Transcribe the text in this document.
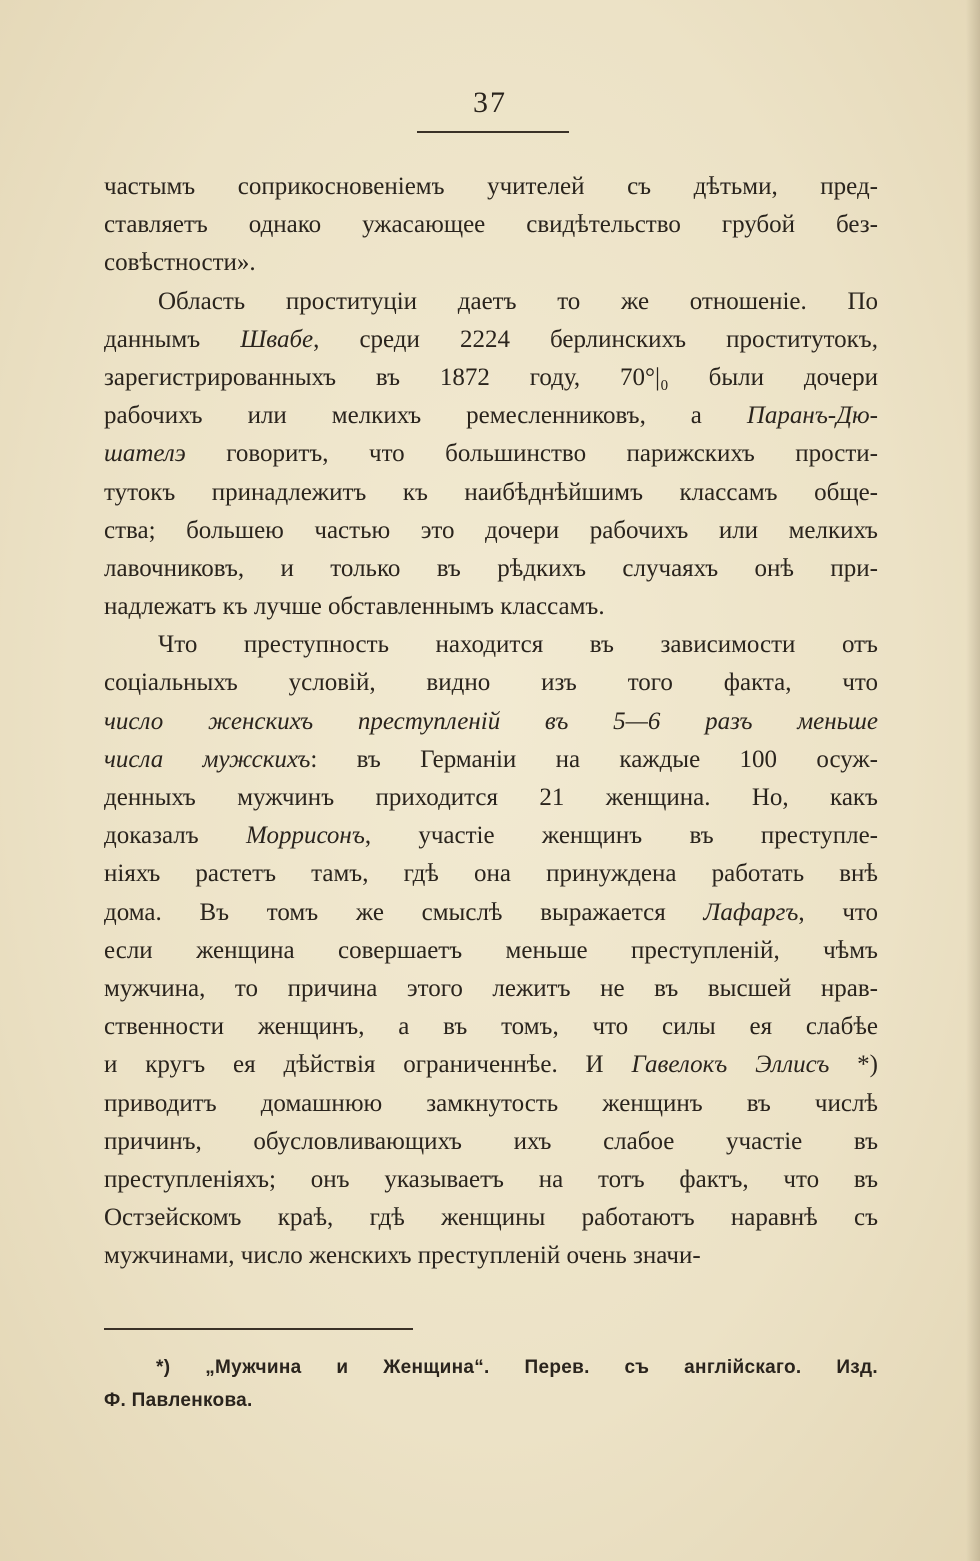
37
частымъ соприкосновенiемъ учителей съ дѣтьми, пред-
ставляетъ однако ужасающее свидѣтельство грубой без-
совѣстности».
Область проституцiи даетъ то же отношенiе. По
даннымъ Швабе, среди 2224 берлинскихъ проститутокъ,
зарегистрированныхъ въ 1872 году, 70°|₀ были дочери
рабочихъ или мелкихъ ремесленниковъ, а Паранъ-Дю-
шателэ говоритъ, что большинство парижскихъ прости-
тутокъ принадлежитъ къ наибѣднѣйшимъ классамъ обще-
ства; большею частью это дочери рабочихъ или мелкихъ
лавочниковъ, и только въ рѣдкихъ случаяхъ онѣ при-
надлежатъ къ лучше обставленнымъ классамъ.
Что преступность находится въ зависимости отъ
соцiальныхъ условiй, видно изъ того факта, что
число женскихъ преступленiй въ 5—6 разъ меньше
числа мужскихъ: въ Германiи на каждые 100 осуж-
денныхъ мужчинъ приходится 21 женщина. Но, какъ
доказалъ Моррисонъ, участiе женщинъ въ преступле-
нiяхъ растетъ тамъ, гдѣ она принуждена работать внѣ
дома. Въ томъ же смыслѣ выражается Лафаргъ, что
если женщина совершаетъ меньше преступленiй, чѣмъ
мужчина, то причина этого лежитъ не въ высшей нрав-
ственности женщинъ, а въ томъ, что силы ея слабѣе
и кругъ ея дѣйствiя ограниченнѣе. И Гавелокъ Эллисъ *)
приводитъ домашнюю замкнутость женщинъ въ числѣ
причинъ, обусловливающихъ ихъ слабое участiе въ
преступленiяхъ; онъ указываетъ на тотъ фактъ, что въ
Остзейскомъ краѣ, гдѣ женщины работаютъ наравнѣ съ
мужчинами, число женскихъ преступленiй очень значи-
*) „Мужчина и Женщина“. Перев. съ англiйскаго. Изд.
Ф. Павленкова.
